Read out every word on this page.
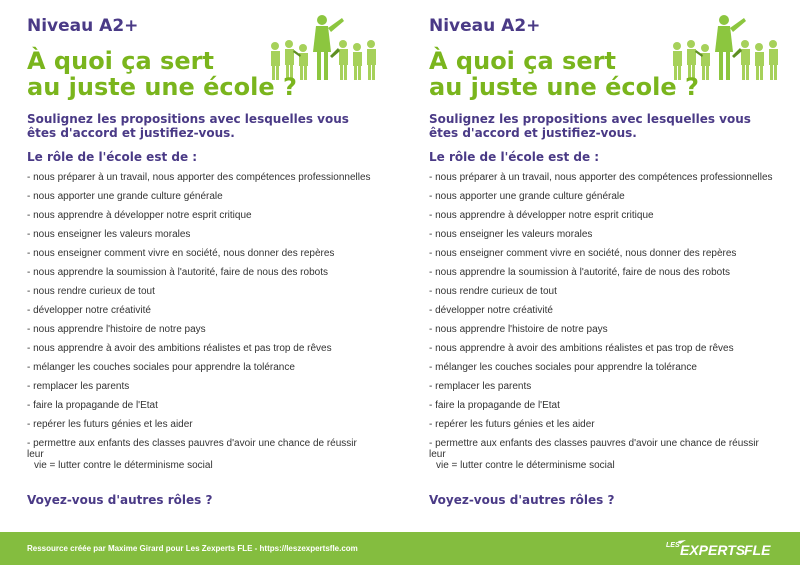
Niveau A2+
À quoi ça sert
au juste une école ?
Soulignez les propositions avec lesquelles vous êtes d'accord et justifiez-vous.
Le rôle de l'école est de :
- nous préparer à un travail, nous apporter des compétences professionnelles
- nous apporter une grande culture générale
- nous apprendre à développer notre esprit critique
- nous enseigner les valeurs morales
- nous enseigner comment vivre en société, nous donner des repères
- nous apprendre la soumission à l'autorité, faire de nous des robots
- nous rendre curieux de tout
- développer notre créativité
- nous apprendre l'histoire de notre pays
- nous apprendre à avoir des ambitions réalistes et pas trop de rêves
- mélanger les couches sociales pour apprendre la tolérance
- remplacer les parents
- faire la propagande de l'Etat
- repérer les futurs génies et les aider
- permettre aux enfants des classes pauvres d'avoir une chance de réussir leur
vie = lutter contre le déterminisme social
Voyez-vous d'autres rôles ?
Niveau A2+
À quoi ça sert
au juste une école ?
Soulignez les propositions avec lesquelles vous êtes d'accord et justifiez-vous.
Le rôle de l'école est de :
- nous préparer à un travail, nous apporter des compétences professionnelles
- nous apporter une grande culture générale
- nous apprendre à développer notre esprit critique
- nous enseigner les valeurs morales
- nous enseigner comment vivre en société, nous donner des repères
- nous apprendre la soumission à l'autorité, faire de nous des robots
- nous rendre curieux de tout
- développer notre créativité
- nous apprendre l'histoire de notre pays
- nous apprendre à avoir des ambitions réalistes et pas trop de rêves
- mélanger les couches sociales pour apprendre la tolérance
- remplacer les parents
- faire la propagande de l'Etat
- repérer les futurs génies et les aider
- permettre aux enfants des classes pauvres d'avoir une chance de réussir leur
vie = lutter contre le déterminisme social
Voyez-vous d'autres rôles ?
Ressource créée par Maxime Girard pour Les Zexperts FLE - https://leszexpertsfle.com	LES EXPERTS
FLE
